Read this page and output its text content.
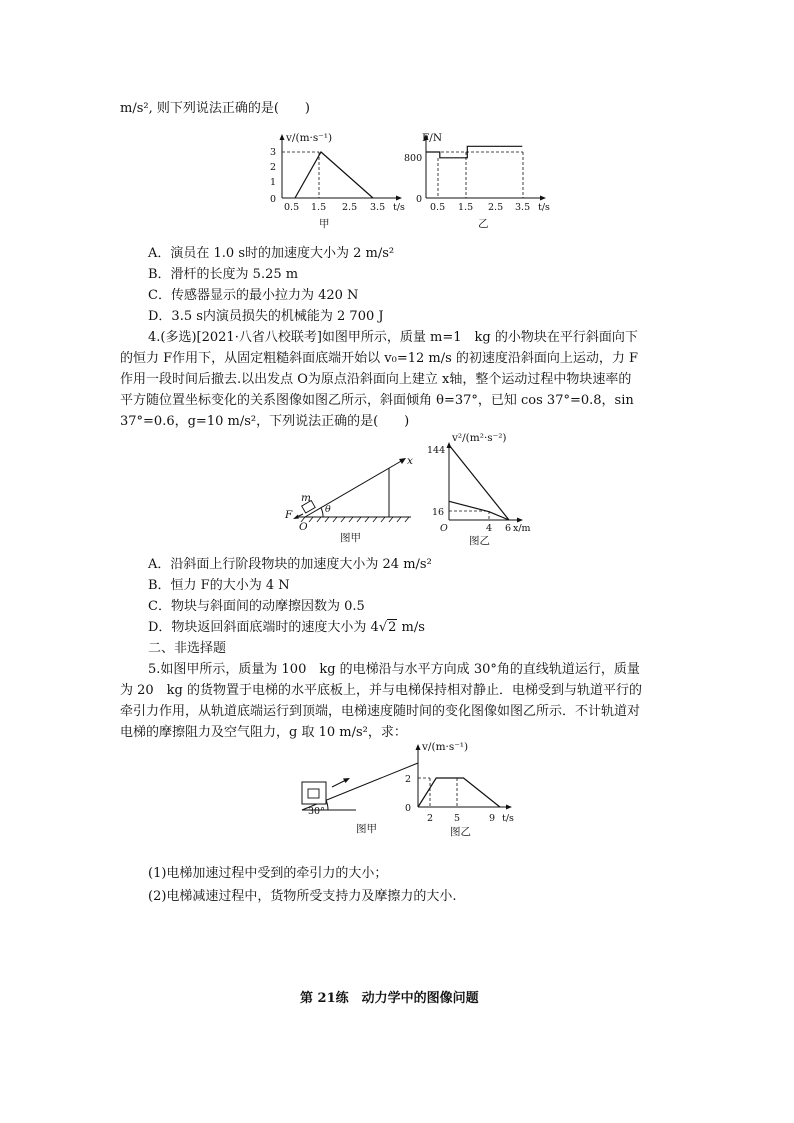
m/s², 则下列说法正确的是(　　)
v/(m·s⁻¹)
3
2
1
0
0.5 1.5 2.5 3.5 t/s
甲
F/N
800
0
0.5 1.5 2.5 3.5 t/s
乙
A．演员在 1.0 s时的加速度大小为 2 m/s²
B．滑杆的长度为 5.25 m
C．传感器显示的最小拉力为 420 N
D．3.5 s内演员损失的机械能为 2 700 J
4.(多选)[2021·八省八校联考]如图甲所示，质量 m=1　kg 的小物块在平行斜面向下
的恒力 F作用下，从固定粗糙斜面底端开始以 v₀=12 m/s 的初速度沿斜面向上运动，力 F
作用一段时间后撤去.以出发点 O为原点沿斜面向上建立 x轴，整个运动过程中物块速率的
平方随位置坐标变化的关系图像如图乙所示，斜面倾角 θ=37°，已知 cos 37°=0.8，sin
37°=0.6，g=10 m/s²，下列说法正确的是(　　)
x
m
F
O
θ
图甲
v²/(m²·s⁻²)
144
16
O	4 6 x/m
图乙
A．沿斜面上行阶段物块的加速度大小为 24 m/s²
B．恒力 F的大小为 4 N
C．物块与斜面间的动摩擦因数为 0.5
D．物块返回斜面底端时的速度大小为 4√2 m/s
二、非选择题
5.如图甲所示，质量为 100　kg 的电梯沿与水平方向成 30°角的直线轨道运行，质量
为 20　kg 的货物置于电梯的水平底板上，并与电梯保持相对静止．电梯受到与轨道平行的
牵引力作用，从轨道底端运行到顶端，电梯速度随时间的变化图像如图乙所示．不计轨道对
电梯的摩擦阻力及空气阻力，g 取 10 m/s²，求：
30°
图甲
v/(m·s⁻¹)
2
0
2 5	9 t/s
图乙
(1)电梯加速过程中受到的牵引力的大小；
(2)电梯减速过程中，货物所受支持力及摩擦力的大小.
第 21练　动力学中的图像问题
